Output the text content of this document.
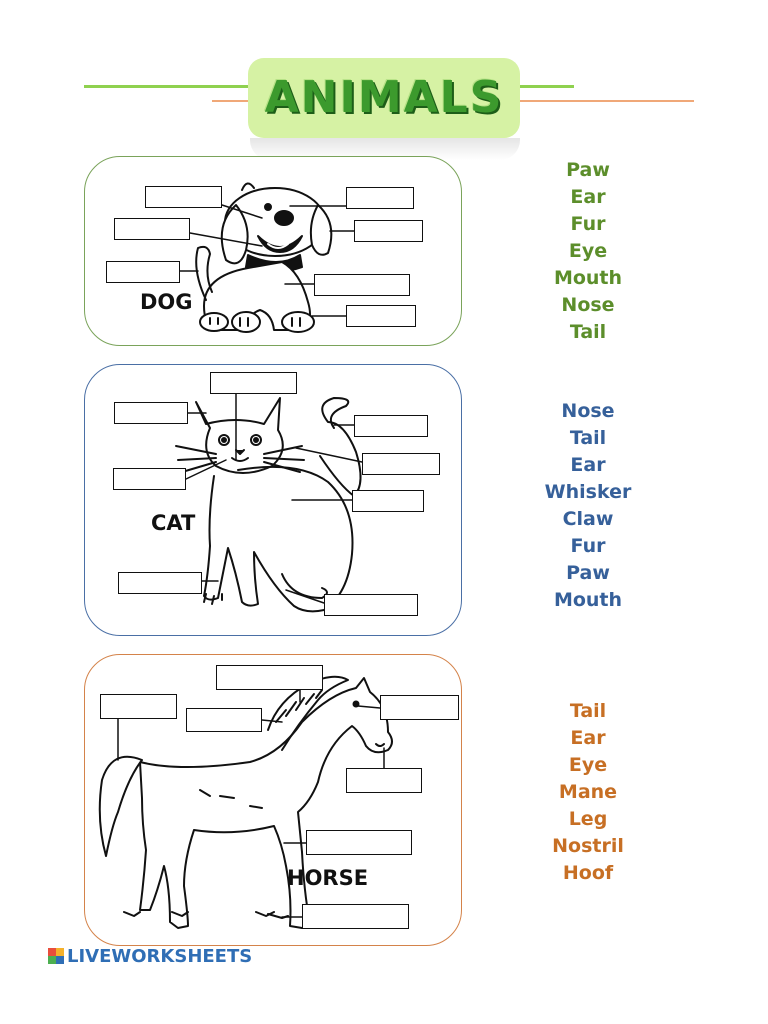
ANIMALS
DOG
CAT
HORSE
Paw
Ear
Fur
Eye
Mouth
Nose
Tail
Nose
Tail
Ear
Whisker
Claw
Fur
Paw
Mouth
Tail
Ear
Eye
Mane
Leg
Nostril
Hoof
LIVEWORKSHEETS
